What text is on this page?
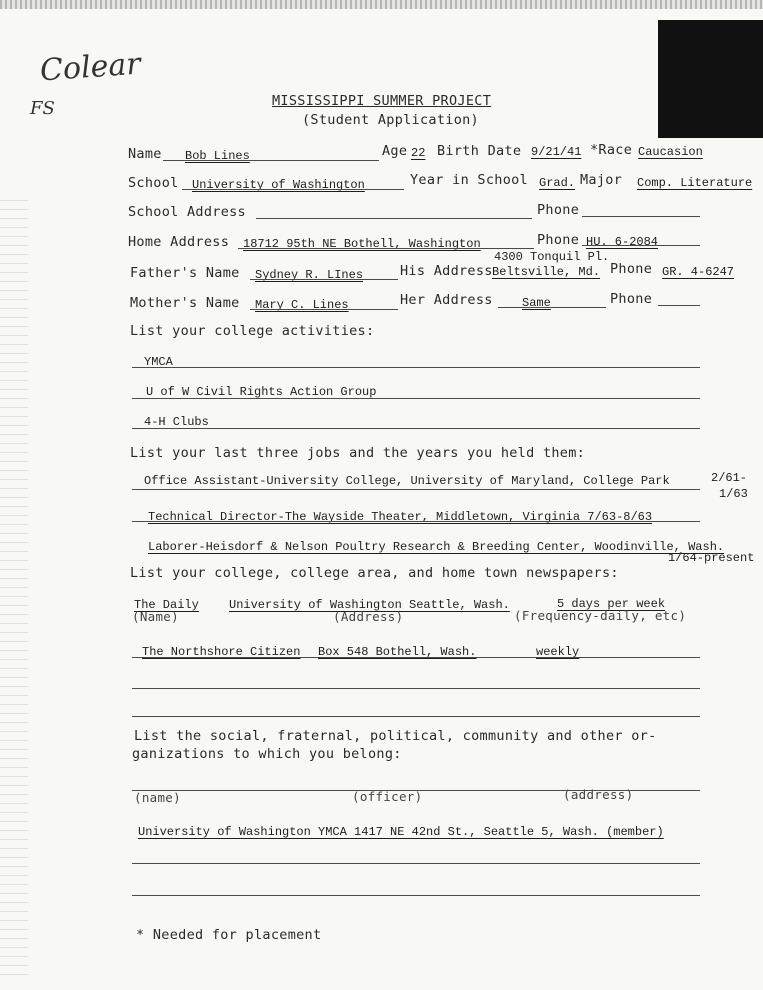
Colear
FS	MISSISSIPPI SUMMER PROJECT
(Student Application)
Name Bob Lines	Age 22 Birth Date 9/21/41 *Race Caucasion
School University of Washington	Year in School Grad. Major Comp. Literature
School Address	Phone
Home Address 18712 95th NE Bothell, Washington	Phone HU. 6-2084
4300 Tonquil Pl.
Father's Name Sydney R. LInes	His Address Beltsville, Md. Phone GR. 4-6247
Mother's Name Mary C. Lines	Her Address Same	Phone
List your college activities:
YMCA
U of W Civil Rights Action Group
4-H Clubs
List your last three jobs and the years you held them:
Office Assistant-University College, University of Maryland, College Park	2/61-
1/63
Technical Director-The Wayside Theater, Middletown, Virginia 7/63-8/63
Laborer-Heisdorf & Nelson Poultry Research & Breeding Center, Woodinville, Wash.
1/64-present
List your college, college area, and home town newspapers:
The Daily	University of Washington Seattle, Wash.	5 days per week
(Name)	(Address)	(Frequency-daily, etc)
The Northshore Citizen Box 548 Bothell, Wash.	weekly
List the social, fraternal, political, community and other or-
ganizations to which you belong:
(name)	(officer)	(address)
University of Washington YMCA 1417 NE 42nd St., Seattle 5, Wash. (member)
* Needed for placement
